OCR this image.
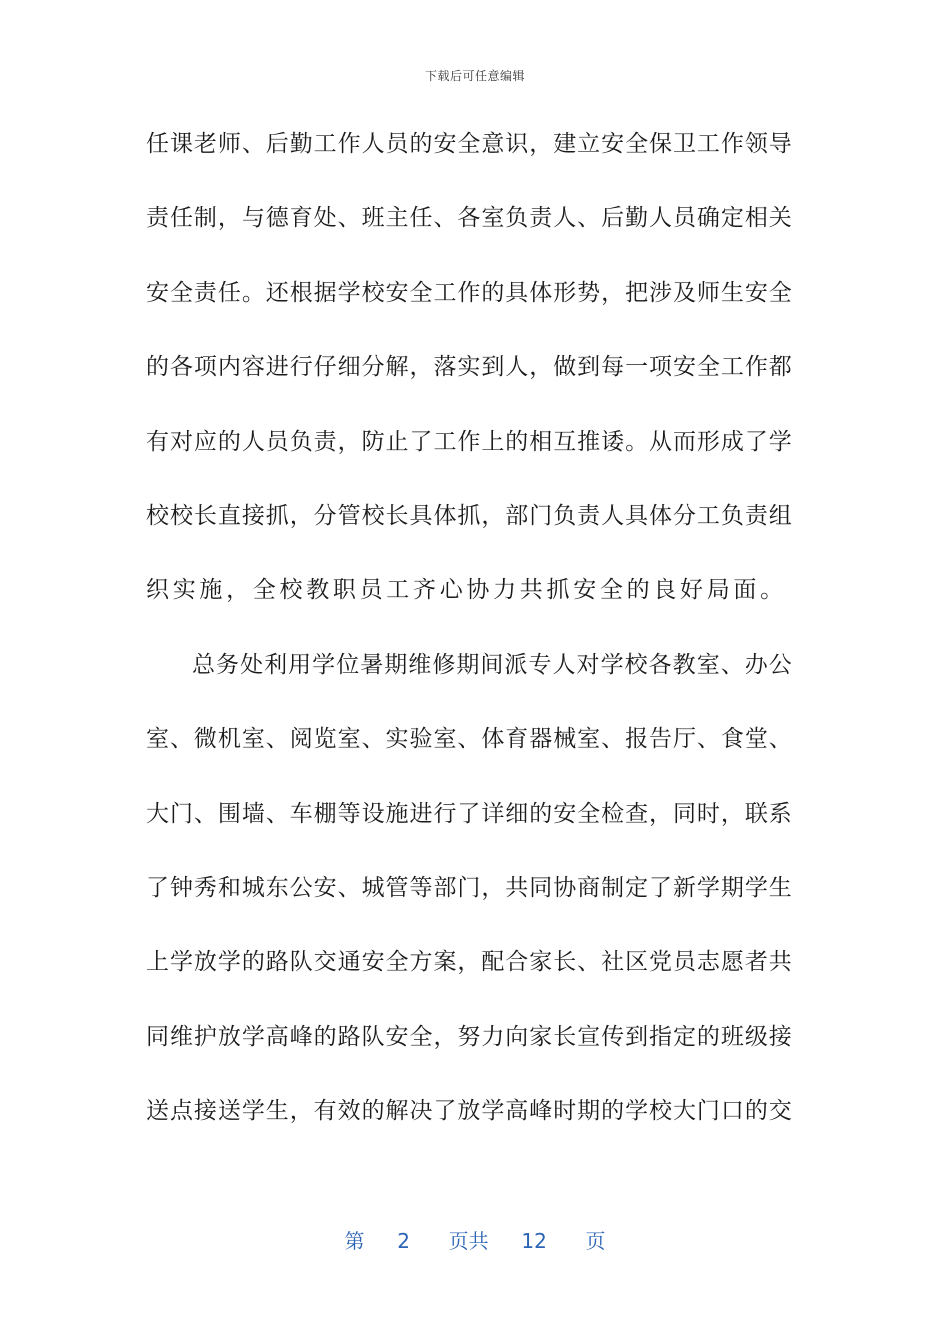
下载后可任意编辑
任课老师、后勤工作人员的安全意识，建立安全保卫工作领导
责任制，与德育处、班主任、各室负责人、后勤人员确定相关
安全责任。还根据学校安全工作的具体形势，把涉及师生安全
的各项内容进行仔细分解，落实到人，做到每一项安全工作都
有对应的人员负责，防止了工作上的相互推诿。从而形成了学
校校长直接抓，分管校长具体抓，部门负责人具体分工负责组
织实施，全校教职员工齐心协力共抓安全的良好局面。
总务处利用学位暑期维修期间派专人对学校各教室、办公
室、微机室、阅览室、实验室、体育器械室、报告厅、食堂、
大门、围墙、车棚等设施进行了详细的安全检查，同时，联系
了钟秀和城东公安、城管等部门，共同协商制定了新学期学生
上学放学的路队交通安全方案，配合家长、社区党员志愿者共
同维护放学高峰的路队安全，努力向家长宣传到指定的班级接
送点接送学生，有效的解决了放学高峰时期的学校大门口的交
第 2 页共 12 页
